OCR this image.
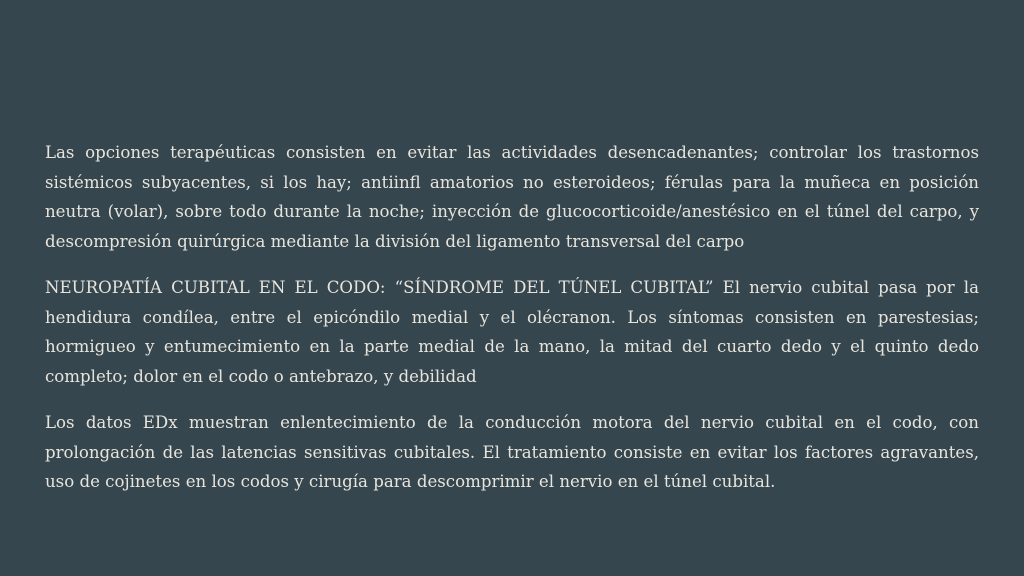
Las opciones terapéuticas consisten en evitar las actividades desencadenantes; controlar los trastornos sistémicos subyacentes, si los hay; antiinfl amatorios no esteroideos; férulas para la muñeca en posición neutra (volar), sobre todo durante la noche; inyección de glucocorticoide/anestésico en el túnel del carpo, y descompresión quirúrgica mediante la división del ligamento transversal del carpo

NEUROPATÍA CUBITAL EN EL CODO: “SÍNDROME DEL TÚNEL CUBITAL” El nervio cubital pasa por la hendidura condílea, entre el epicóndilo medial y el olécranon. Los síntomas consisten en parestesias; hormigueo y entumecimiento en la parte medial de la mano, la mitad del cuarto dedo y el quinto dedo completo; dolor en el codo o antebrazo, y debilidad

Los datos EDx muestran enlentecimiento de la conducción motora del nervio cubital en el codo, con prolongación de las latencias sensitivas cubitales. El tratamiento consiste en evitar los factores agravantes, uso de cojinetes en los codos y cirugía para descomprimir el nervio en el túnel cubital.
